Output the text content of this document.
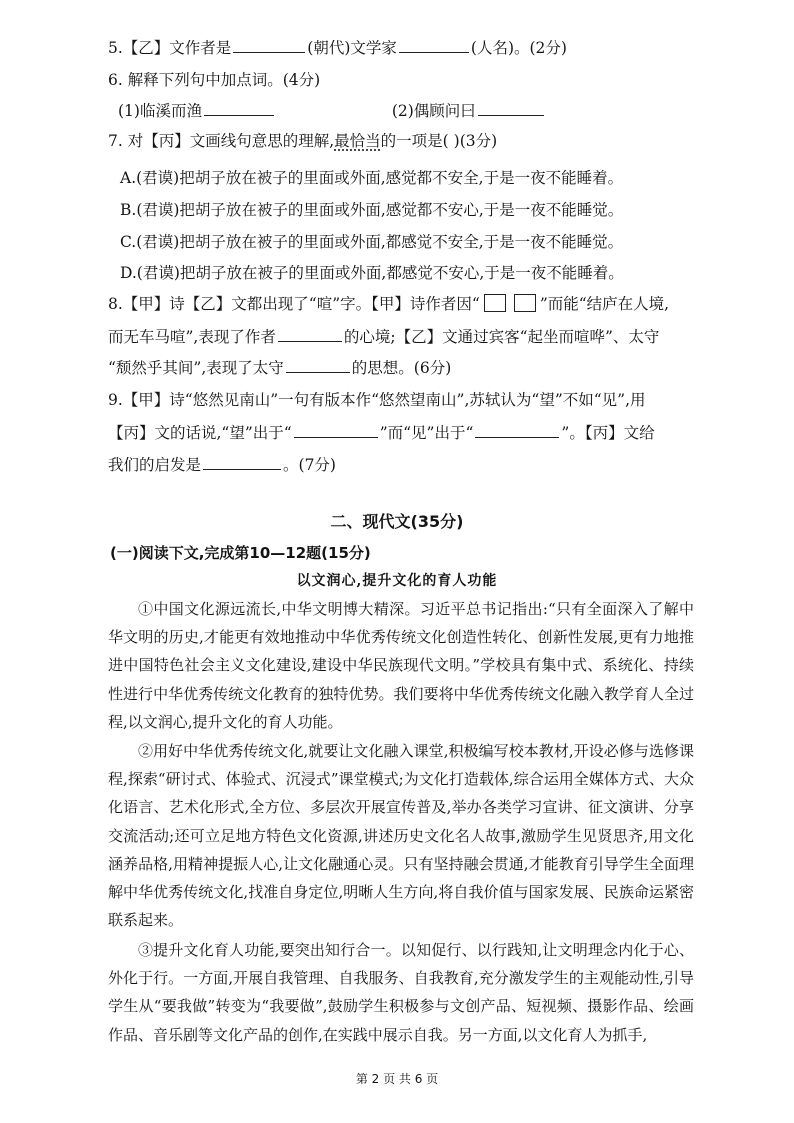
5.【乙】文作者是	(朝代)文学家	(人名)。(2分)
6. 解释下列句中加点词。(4分)
(1)临溪而渔	(2)偶顾问曰
7. 对【丙】文画线句意思的理解,最恰当的一项是( )(3分)
A.(君谟)把胡子放在被子的里面或外面,感觉都不安全,于是一夜不能睡着。
B.(君谟)把胡子放在被子的里面或外面,感觉都不安心,于是一夜不能睡觉。
C.(君谟)把胡子放在被子的里面或外面,都感觉不安全,于是一夜不能睡觉。
D.(君谟)把胡子放在被子的里面或外面,都感觉不安心,于是一夜不能睡着。
8.【甲】诗【乙】文都出现了“喧”字。【甲】诗作者因“	”而能“结庐在人境,
而无车马喧”,表现了作者	的心境;【乙】文通过宾客“起坐而喧哗”、太守
“颓然乎其间”,表现了太守	的思想。(6分)
9.【甲】诗“悠然见南山”一句有版本作“悠然望南山”,苏轼认为“望”不如“见”,用
【丙】文的话说,“望”出于“	”而“见”出于“	”。【丙】文给
我们的启发是	。(7分)
二、现代文(35分)
(一)阅读下文,完成第10—12题(15分)
以文润心,提升文化的育人功能
①中国文化源远流长,中华文明博大精深。习近平总书记指出:“只有全面深入了解中华文明的历史,才能更有效地推动中华优秀传统文化创造性转化、创新性发展,更有力地推进中国特色社会主义文化建设,建设中华民族现代文明。”学校具有集中式、系统化、持续性进行中华优秀传统文化教育的独特优势。我们要将中华优秀传统文化融入教学育人全过程,以文润心,提升文化的育人功能。
②用好中华优秀传统文化,就要让文化融入课堂,积极编写校本教材,开设必修与选修课程,探索“研讨式、体验式、沉浸式”课堂模式;为文化打造载体,综合运用全媒体方式、大众化语言、艺术化形式,全方位、多层次开展宣传普及,举办各类学习宣讲、征文演讲、分享交流活动;还可立足地方特色文化资源,讲述历史文化名人故事,激励学生见贤思齐,用文化涵养品格,用精神提振人心,让文化融通心灵。只有坚持融会贯通,才能教育引导学生全面理解中华优秀传统文化,找准自身定位,明晰人生方向,将自我价值与国家发展、民族命运紧密联系起来。
③提升文化育人功能,要突出知行合一。以知促行、以行践知,让文明理念内化于心、外化于行。一方面,开展自我管理、自我服务、自我教育,充分激发学生的主观能动性,引导学生从“要我做”转变为“我要做”,鼓励学生积极参与文创产品、短视频、摄影作品、绘画作品、音乐剧等文化产品的创作,在实践中展示自我。另一方面,以文化育人为抓手,
第 2 页 共 6 页
